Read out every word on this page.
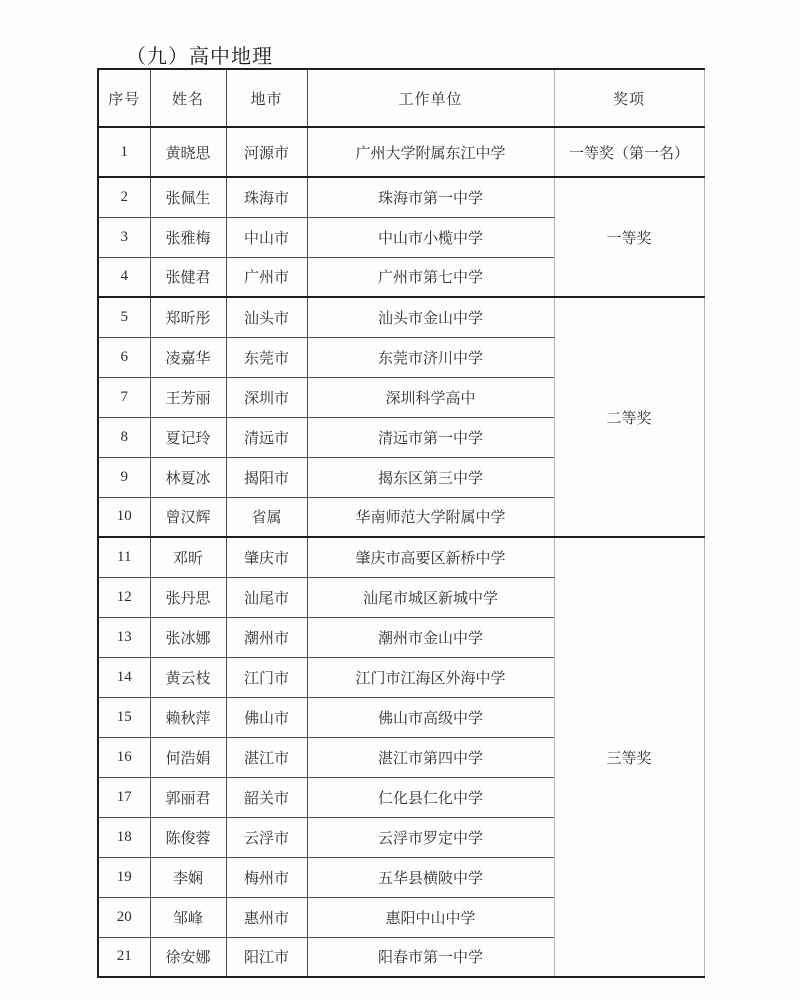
（九）高中地理
序号	姓名	地市	工作单位	奖项
1	黄晓思	河源市	广州大学附属东江中学	一等奖（第一名）
2	张佩生	珠海市	珠海市第一中学	一等奖
3	张雅梅	中山市	中山市小榄中学	
4	张健君	广州市	广州市第七中学	
5	郑昕彤	汕头市	汕头市金山中学	二等奖
6	凌嘉华	东莞市	东莞市济川中学	
7	王芳丽	深圳市	深圳科学高中	
8	夏记玲	清远市	清远市第一中学	
9	林夏冰	揭阳市	揭东区第三中学	
10	曾汉辉	省属	华南师范大学附属中学	
11	邓昕	肇庆市	肇庆市高要区新桥中学	三等奖
12	张丹思	汕尾市	汕尾市城区新城中学	
13	张冰娜	潮州市	潮州市金山中学	
14	黄云枝	江门市	江门市江海区外海中学	
15	赖秋萍	佛山市	佛山市高级中学	
16	何浩娟	湛江市	湛江市第四中学	
17	郭丽君	韶关市	仁化县仁化中学	
18	陈俊蓉	云浮市	云浮市罗定中学	
19	李娴	梅州市	五华县横陂中学	
20	邹峰	惠州市	惠阳中山中学	
21	徐安娜	阳江市	阳春市第一中学	
